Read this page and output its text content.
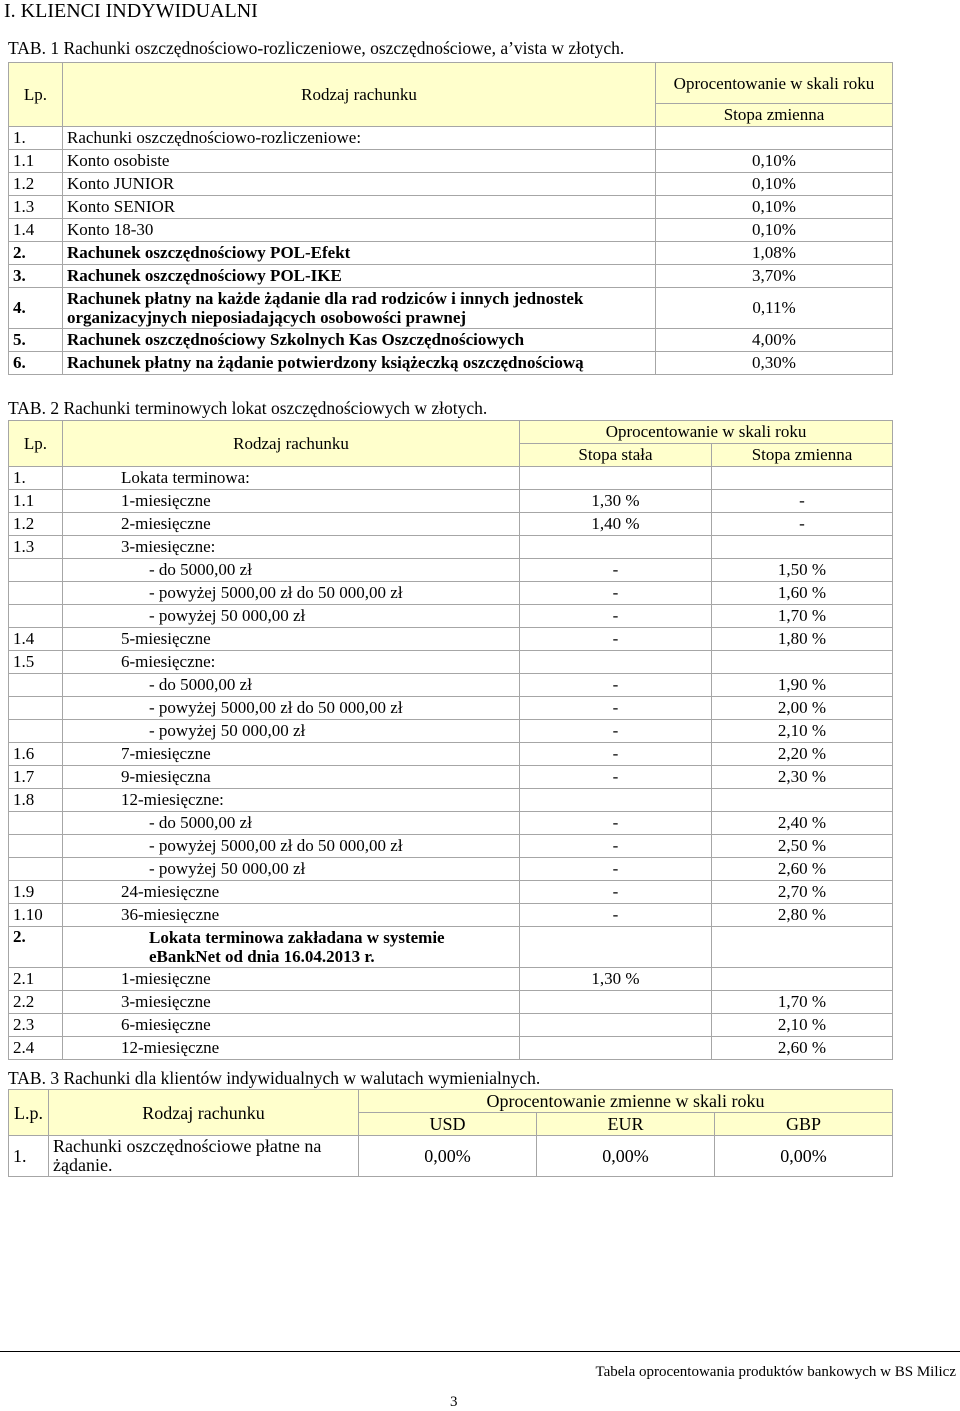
I. KLIENCI INDYWIDUALNI
TAB. 1 Rachunki oszczędnościowo-rozliczeniowe, oszczędnościowe, a’vista w złotych.
Lp.	Rodzaj rachunku	Oprocentowanie w skali roku
		Stopa zmienna
1.	Rachunki oszczędnościowo-rozliczeniowe:	
1.1	Konto osobiste	0,10%
1.2	Konto JUNIOR	0,10%
1.3	Konto SENIOR	0,10%
1.4	Konto 18-30	0,10%
2.	Rachunek oszczędnościowy POL-Efekt	1,08%
3.	Rachunek oszczędnościowy POL-IKE	3,70%
4.	Rachunek płatny na każde żądanie dla rad rodziców i innych jednostek organizacyjnych nieposiadających osobowości prawnej	0,11%
5.	Rachunek oszczędnościowy Szkolnych Kas Oszczędnościowych	4,00%
6.	Rachunek płatny na żądanie potwierdzony książeczką oszczędnościową	0,30%
TAB. 2 Rachunki terminowych lokat oszczędnościowych w złotych.
Lp.	Rodzaj rachunku	Oprocentowanie w skali roku	
		Stopa stała	Stopa zmienna
1.	Lokata terminowa:		
1.1	1-miesięczne	1,30 %	-
1.2	2-miesięczne	1,40 %	-
1.3	3-miesięczne:		
	- do 5000,00 zł	-	1,50 %
	- powyżej 5000,00 zł do 50 000,00 zł	-	1,60 %
	- powyżej 50 000,00 zł	-	1,70 %
1.4	5-miesięczne	-	1,80 %
1.5	6-miesięczne:		
	- do 5000,00 zł	-	1,90 %
	- powyżej 5000,00 zł do 50 000,00 zł	-	2,00 %
	- powyżej 50 000,00 zł	-	2,10 %
1.6	7-miesięczne	-	2,20 %
1.7	9-miesięczna	-	2,30 %
1.8	12-miesięczne:		
	- do 5000,00 zł	-	2,40 %
	- powyżej 5000,00 zł do 50 000,00 zł	-	2,50 %
	- powyżej 50 000,00 zł	-	2,60 %
1.9	24-miesięczne	-	2,70 %
1.10	36-miesięczne	-	2,80 %
2.	Lokata terminowa zakładana w systemie eBankNet od dnia 16.04.2013 r.		
2.1	1-miesięczne	1,30 %	
2.2	3-miesięczne		1,70 %
2.3	6-miesięczne		2,10 %
2.4	12-miesięczne		2,60 %
TAB. 3 Rachunki dla klientów indywidualnych w walutach wymienialnych.
L.p.	Rodzaj rachunku	Oprocentowanie zmienne w skali roku		
		USD	EUR	GBP
1.	Rachunki oszczędnościowe płatne na żądanie.	0,00%	0,00%	0,00%
Tabela oprocentowania produktów bankowych w BS Milicz
3
